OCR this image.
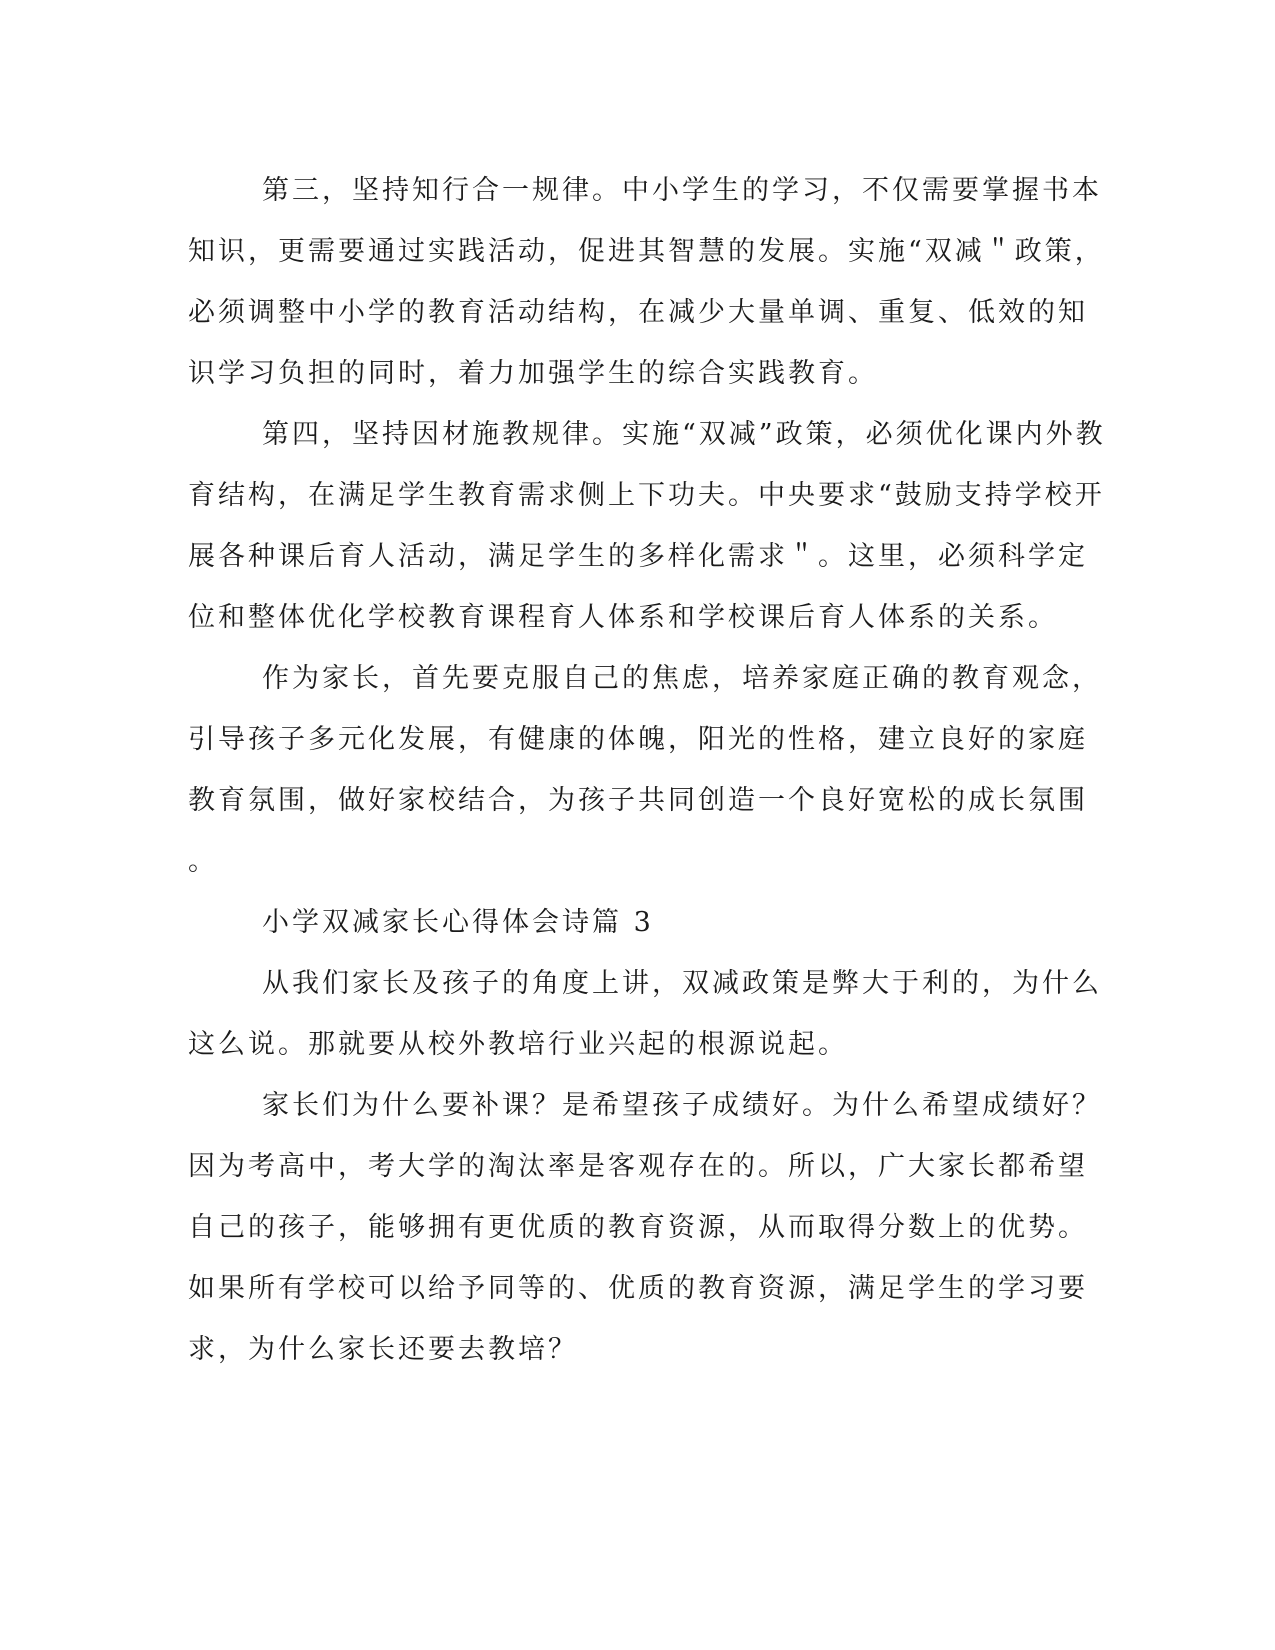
第三，坚持知行合一规律。中小学生的学习，不仅需要掌握书本
知识，更需要通过实践活动，促进其智慧的发展。实施“双减＂政策，
必须调整中小学的教育活动结构，在减少大量单调、重复、低效的知
识学习负担的同时，着力加强学生的综合实践教育。
第四，坚持因材施教规律。实施“双减”政策，必须优化课内外教
育结构，在满足学生教育需求侧上下功夫。中央要求“鼓励支持学校开
展各种课后育人活动，满足学生的多样化需求＂。这里，必须科学定
位和整体优化学校教育课程育人体系和学校课后育人体系的关系。
作为家长，首先要克服自己的焦虑，培养家庭正确的教育观念，
引导孩子多元化发展，有健康的体魄，阳光的性格，建立良好的家庭
教育氛围，做好家校结合，为孩子共同创造一个良好宽松的成长氛围
。
小学双减家长心得体会诗篇 3
从我们家长及孩子的角度上讲，双减政策是弊大于利的，为什么
这么说。那就要从校外教培行业兴起的根源说起。
家长们为什么要补课？是希望孩子成绩好。为什么希望成绩好？
因为考高中，考大学的淘汰率是客观存在的。所以，广大家长都希望
自己的孩子，能够拥有更优质的教育资源，从而取得分数上的优势。
如果所有学校可以给予同等的、优质的教育资源，满足学生的学习要
求，为什么家长还要去教培？
